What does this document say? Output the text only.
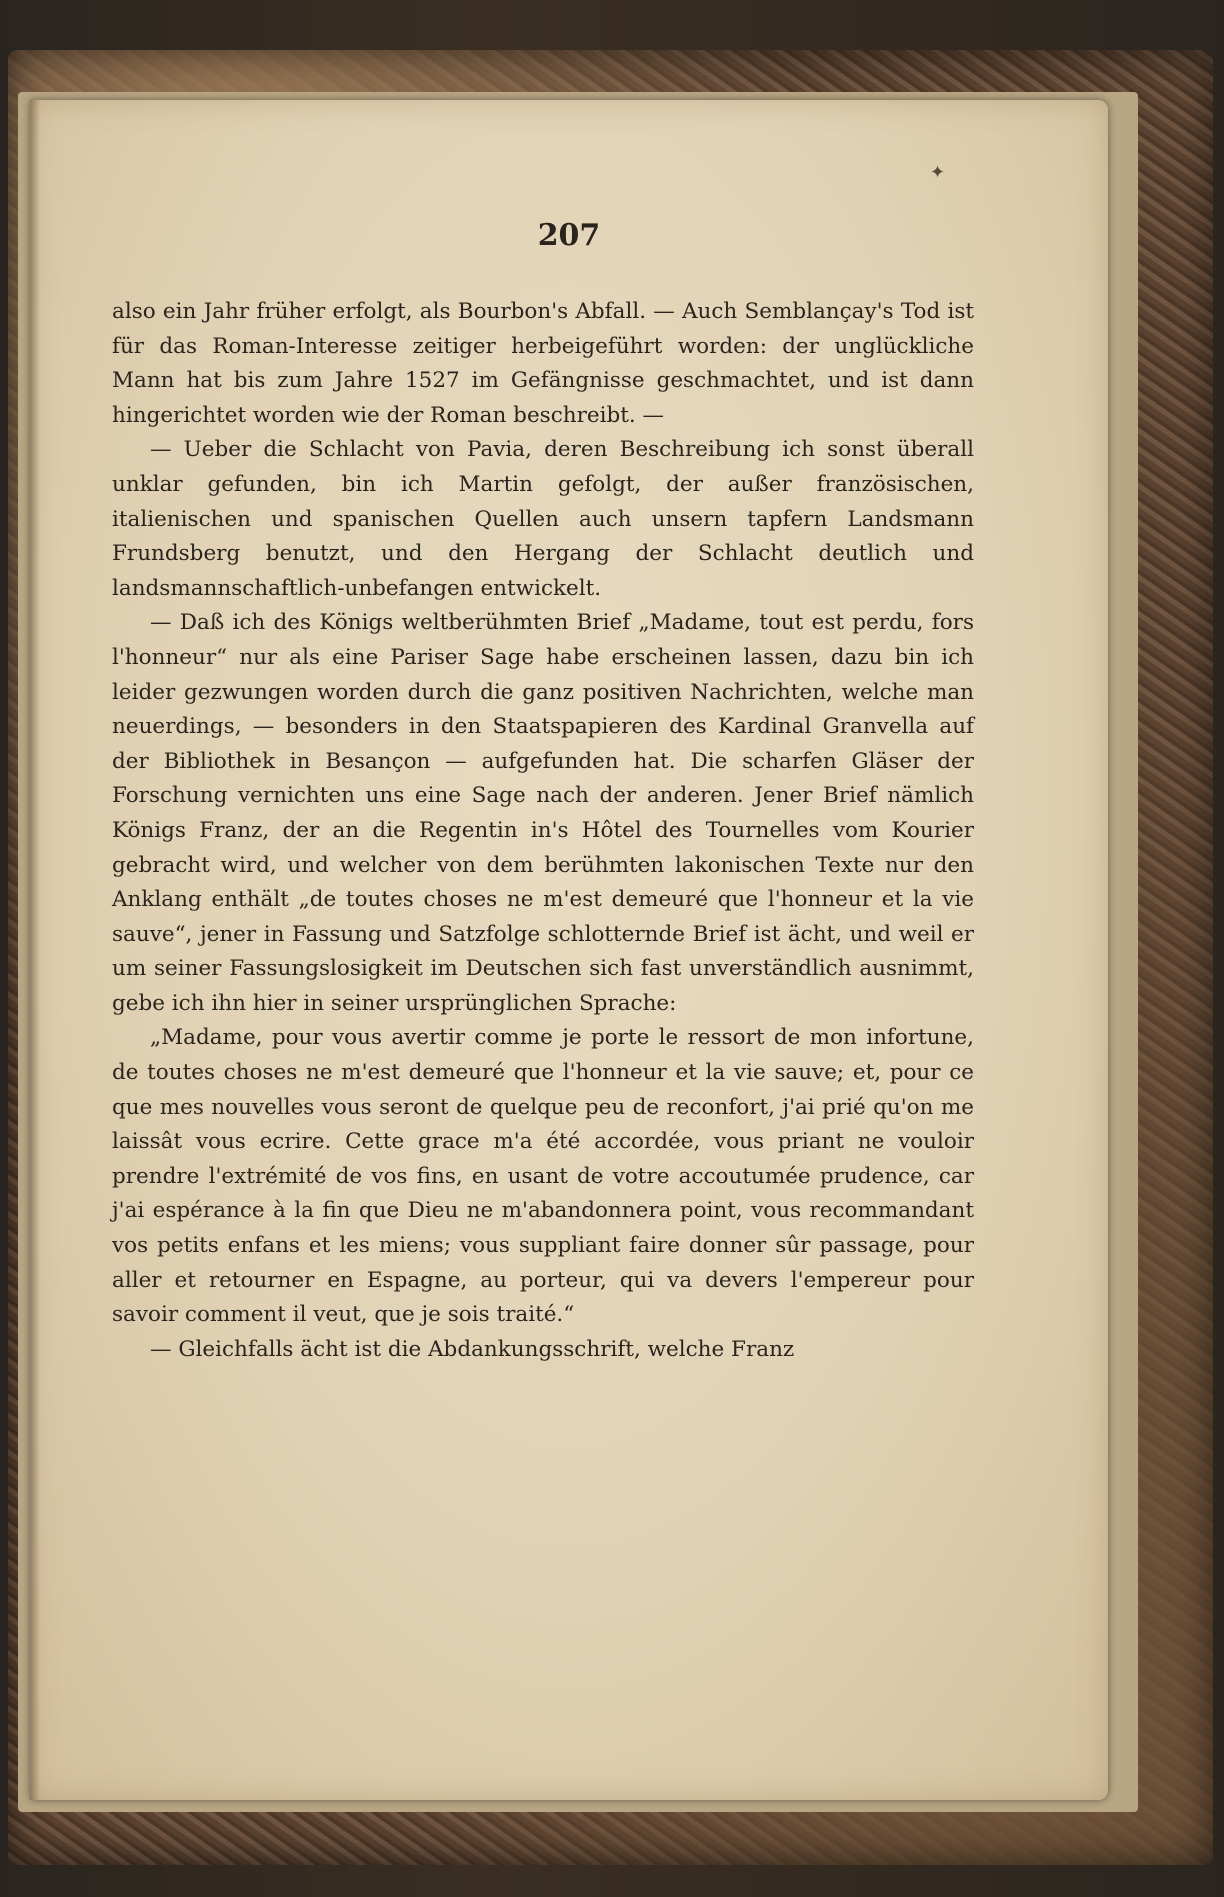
✦
207

also ein Jahr früher erfolgt, als Bourbon's Abfall. — Auch Semblançay's Tod ist für das Roman-Interesse zeitiger herbeigeführt worden: der unglückliche Mann hat bis zum Jahre 1527 im Gefängnisse geschmachtet, und ist dann hingerichtet worden wie der Roman beschreibt. —

— Ueber die Schlacht von Pavia, deren Beschreibung ich sonst überall unklar gefunden, bin ich Martin gefolgt, der außer französischen, italienischen und spanischen Quellen auch unsern tapfern Landsmann Frundsberg benutzt, und den Hergang der Schlacht deutlich und landsmannschaftlich-unbefangen entwickelt.

— Daß ich des Königs weltberühmten Brief „Madame, tout est perdu, fors l'honneur“ nur als eine Pariser Sage habe erscheinen lassen, dazu bin ich leider gezwungen worden durch die ganz positiven Nachrichten, welche man neuerdings, — besonders in den Staatspapieren des Kardinal Granvella auf der Bibliothek in Besançon — aufgefunden hat. Die scharfen Gläser der Forschung vernichten uns eine Sage nach der anderen. Jener Brief nämlich Königs Franz, der an die Regentin in's Hôtel des Tournelles vom Kourier gebracht wird, und welcher von dem berühmten lakonischen Texte nur den Anklang enthält „de toutes choses ne m'est demeuré que l'honneur et la vie sauve“, jener in Fassung und Satzfolge schlotternde Brief ist ächt, und weil er um seiner Fassungslosigkeit im Deutschen sich fast unverständlich ausnimmt, gebe ich ihn hier in seiner ursprünglichen Sprache:

„Madame, pour vous avertir comme je porte le ressort de mon infortune, de toutes choses ne m'est demeuré que l'honneur et la vie sauve; et, pour ce que mes nouvelles vous seront de quelque peu de reconfort, j'ai prié qu'on me laissât vous ecrire. Cette grace m'a été accordée, vous priant ne vouloir prendre l'extrémité de vos fins, en usant de votre accoutumée prudence, car j'ai espérance à la fin que Dieu ne m'abandonnera point, vous recommandant vos petits enfans et les miens; vous suppliant faire donner sûr passage, pour aller et retourner en Espagne, au porteur, qui va devers l'empereur pour savoir comment il veut, que je sois traité.“

— Gleichfalls ächt ist die Abdankungsschrift, welche Franz
